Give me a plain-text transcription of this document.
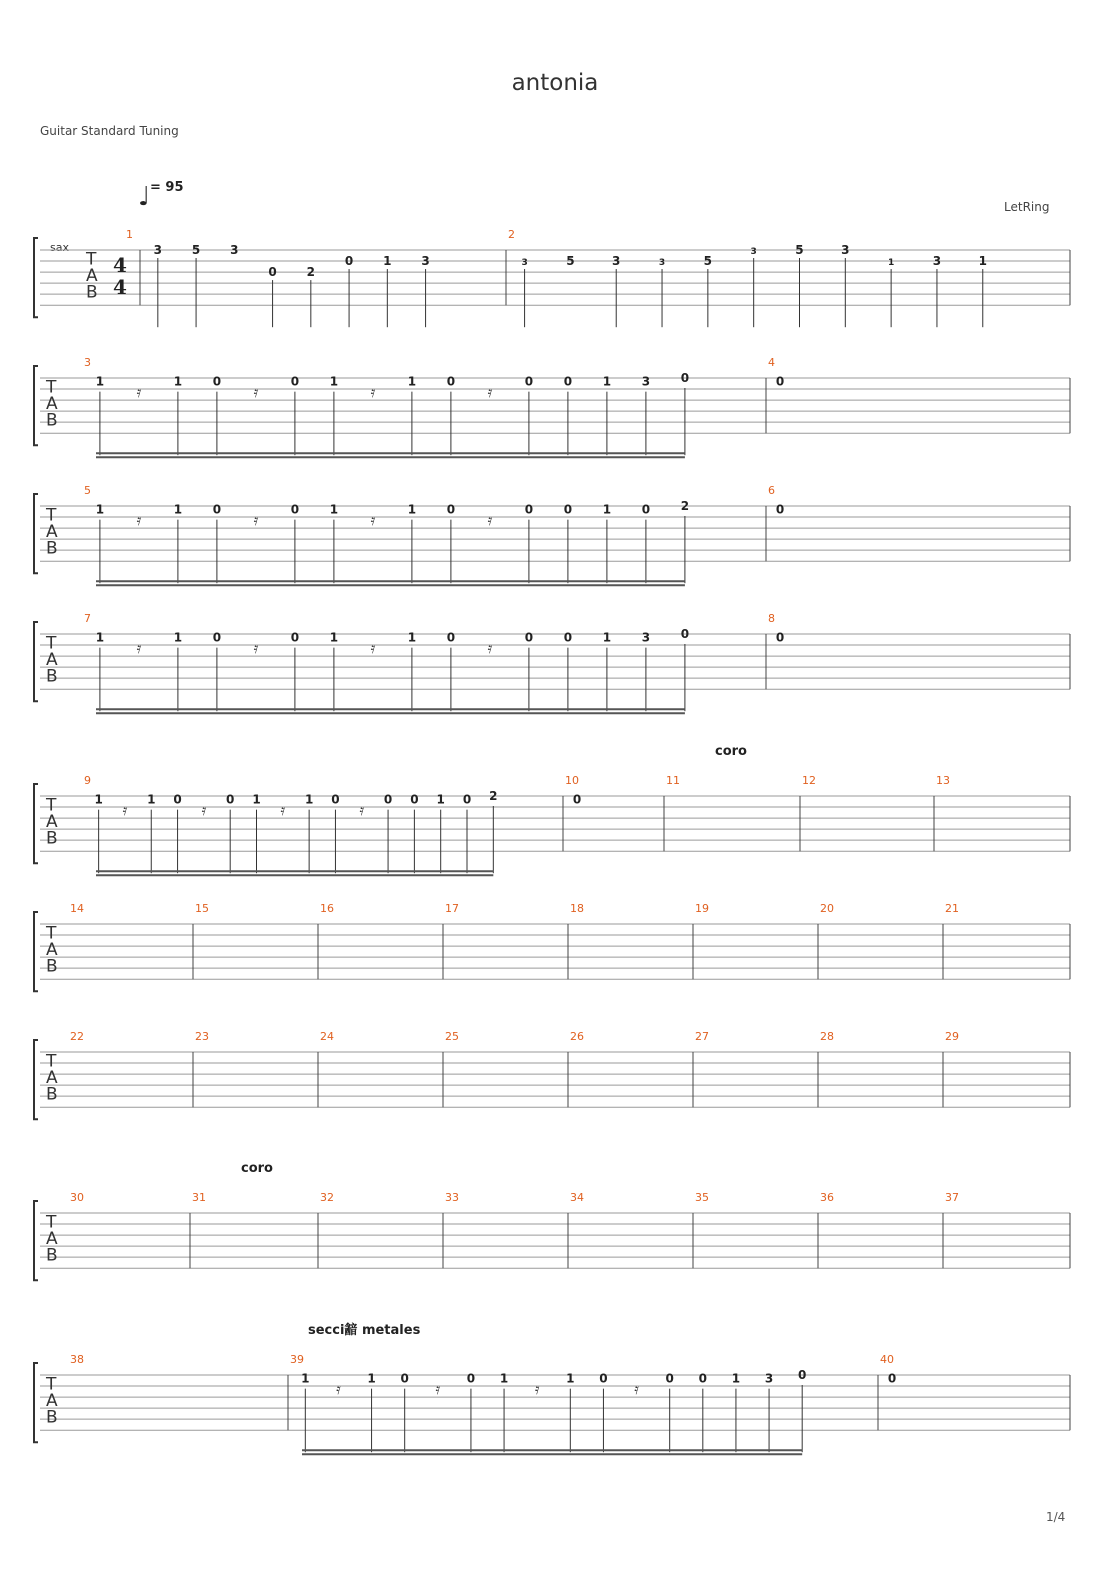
antonia
Guitar Standard Tuning
= 95
LetRing
sax
1/4
♩
T
A
B
4
4
1
3 5 3
0 2
0 1 3
2
3	5	3	3	5
3	5	3
1	3	1
T
A
B
3
1
𝄿
1	0
𝄿
0	1
𝄿
1	0
𝄿
0	0	1	3	0
4
0
T
A
B
5
1
𝄿
1	0
𝄿
0	1
𝄿
1	0
𝄿
0	0	1	0	2
6
0
T
A
B
7
1
𝄿
1	0
𝄿
0	1
𝄿
1	0
𝄿
0	0	1	3	0
8
0
T
A
B
9
1
𝄿
1 0
𝄿
0 1
𝄿
1 0
𝄿
0 0 1 0 2
10
0
11	12	13
T
A
B
14	15	16	17	18	19	20	21
T
A
B
22	23	24	25	26	27	28	29
T
A
B
30	31	32	33	34	35	36	37
T
A
B
38	39
1
𝄿
1 0
𝄿
0 1
𝄿
1 0
𝄿
0 0 1 3 0
40
0
coro
coro
secci韽 metales
